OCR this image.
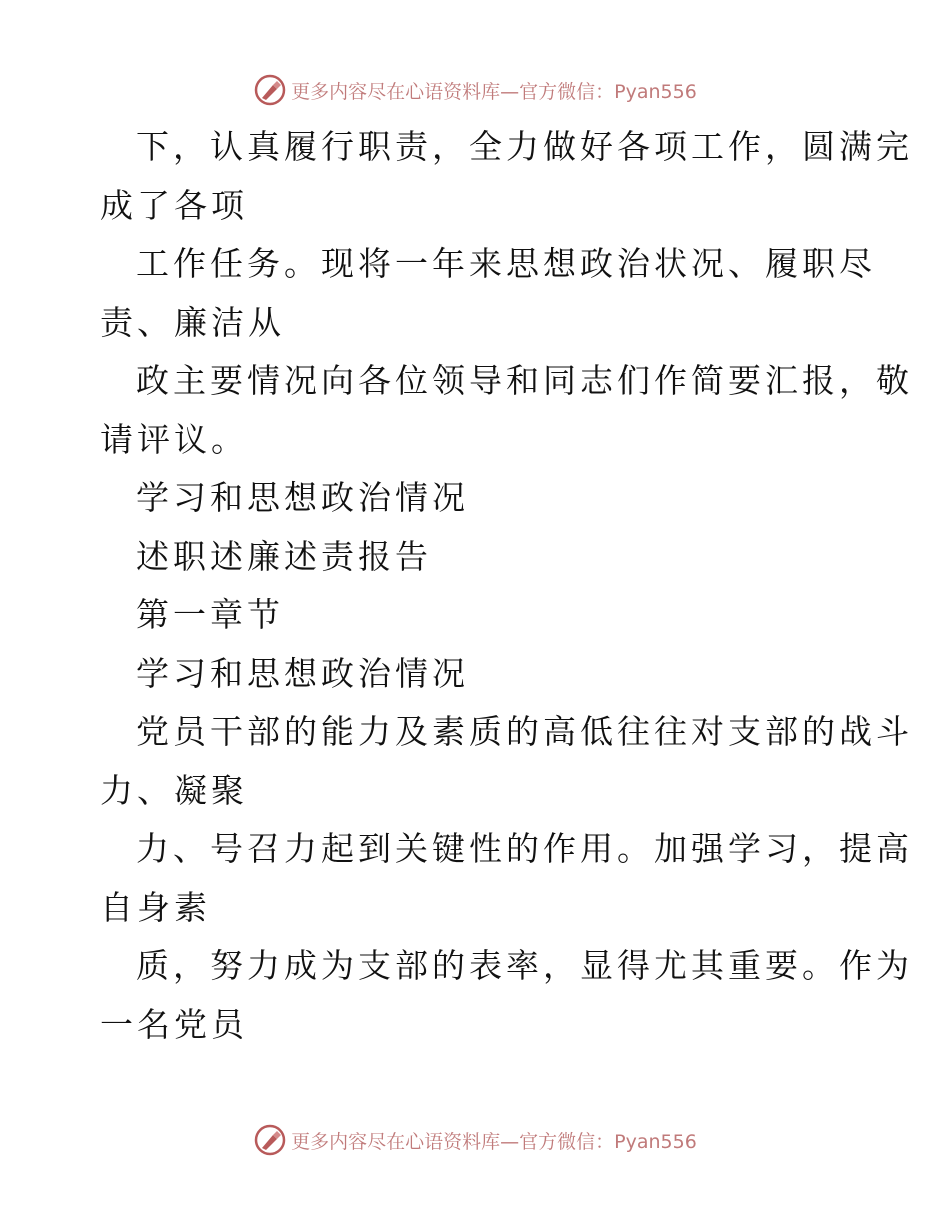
更多内容尽在心语资料库—官方微信：Pyan556
下，认真履行职责，全力做好各项工作，圆满完
成了各项
工作任务。现将一年来思想政治状况、履职尽
责、廉洁从
政主要情况向各位领导和同志们作简要汇报，敬
请评议。
学习和思想政治情况
述职述廉述责报告
第一章节
学习和思想政治情况
党员干部的能力及素质的高低往往对支部的战斗
力、凝聚
力、号召力起到关键性的作用。加强学习，提高
自身素
质，努力成为支部的表率，显得尤其重要。作为
一名党员
更多内容尽在心语资料库—官方微信：Pyan556
